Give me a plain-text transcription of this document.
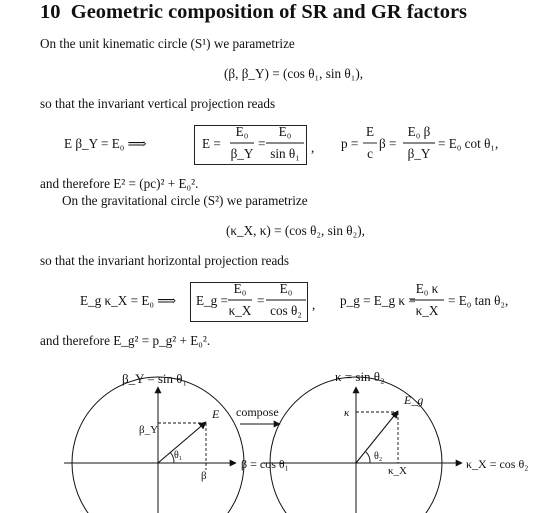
10 Geometric composition of SR and GR factors
On the unit kinematic circle (S¹) we parametrize
(β, β_Y) = (cos θ₁, sin θ₁),
so that the invariant vertical projection reads
E β_Y = E₀ ⟹	E =
E₀
β_Y
=
E₀
sin θ₁ , p =
E
c
β =
E₀ β
β_Y
= E₀ cot θ₁,
and therefore E² = (pc)² + E₀².
On the gravitational circle (S²) we parametrize
(κ_X, κ) = (cos θ₂, sin θ₂),
so that the invariant horizontal projection reads
E_g κ_X = E₀ ⟹ E_g =
E₀
κ_X
=
E₀
cos θ₂ , p_g = E_g κ =
E₀ κ
κ_X
= E₀ tan θ₂,
and therefore E_g² = p_g² + E₀².
β_Y = sin θ₁
E
β_Y
θ₁
β
β = cos θ₁
compose
κ = sin θ₂
E_g
κ
θ₂
κ_X	κ_X = cos θ₂
